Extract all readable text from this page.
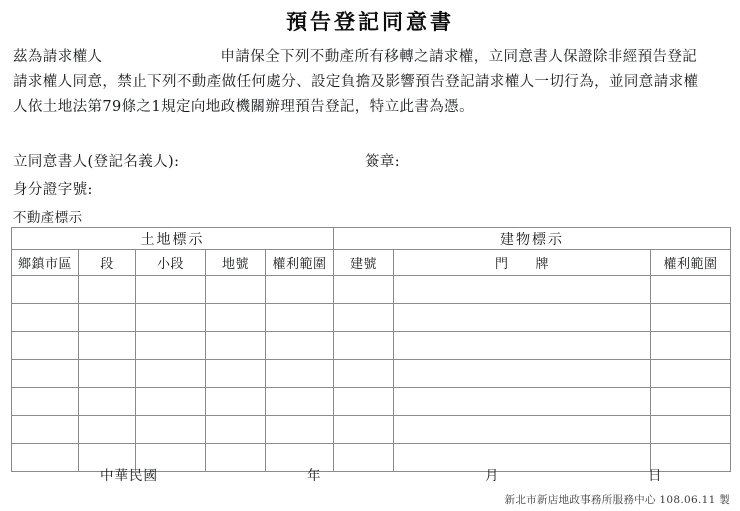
預告登記同意書
茲為請求權人	申請保全下列不動產所有移轉之請求權，立同意書人保證除非經預告登記
請求權人同意，禁止下列不動產做任何處分、設定負擔及影響預告登記請求權人一切行為，並同意請求權
人依土地法第79條之1規定向地政機關辦理預告登記，特立此書為憑。
立同意書人(登記名義人):	簽章:
身分證字號:
不動產標示
土地標示					建物標示		
鄉鎮市區	段	小段	地號	權利範圍	建號	門　　牌	權利範圍

中華民國	年	月	日
新北市新店地政事務所服務中心 108.06.11 製
